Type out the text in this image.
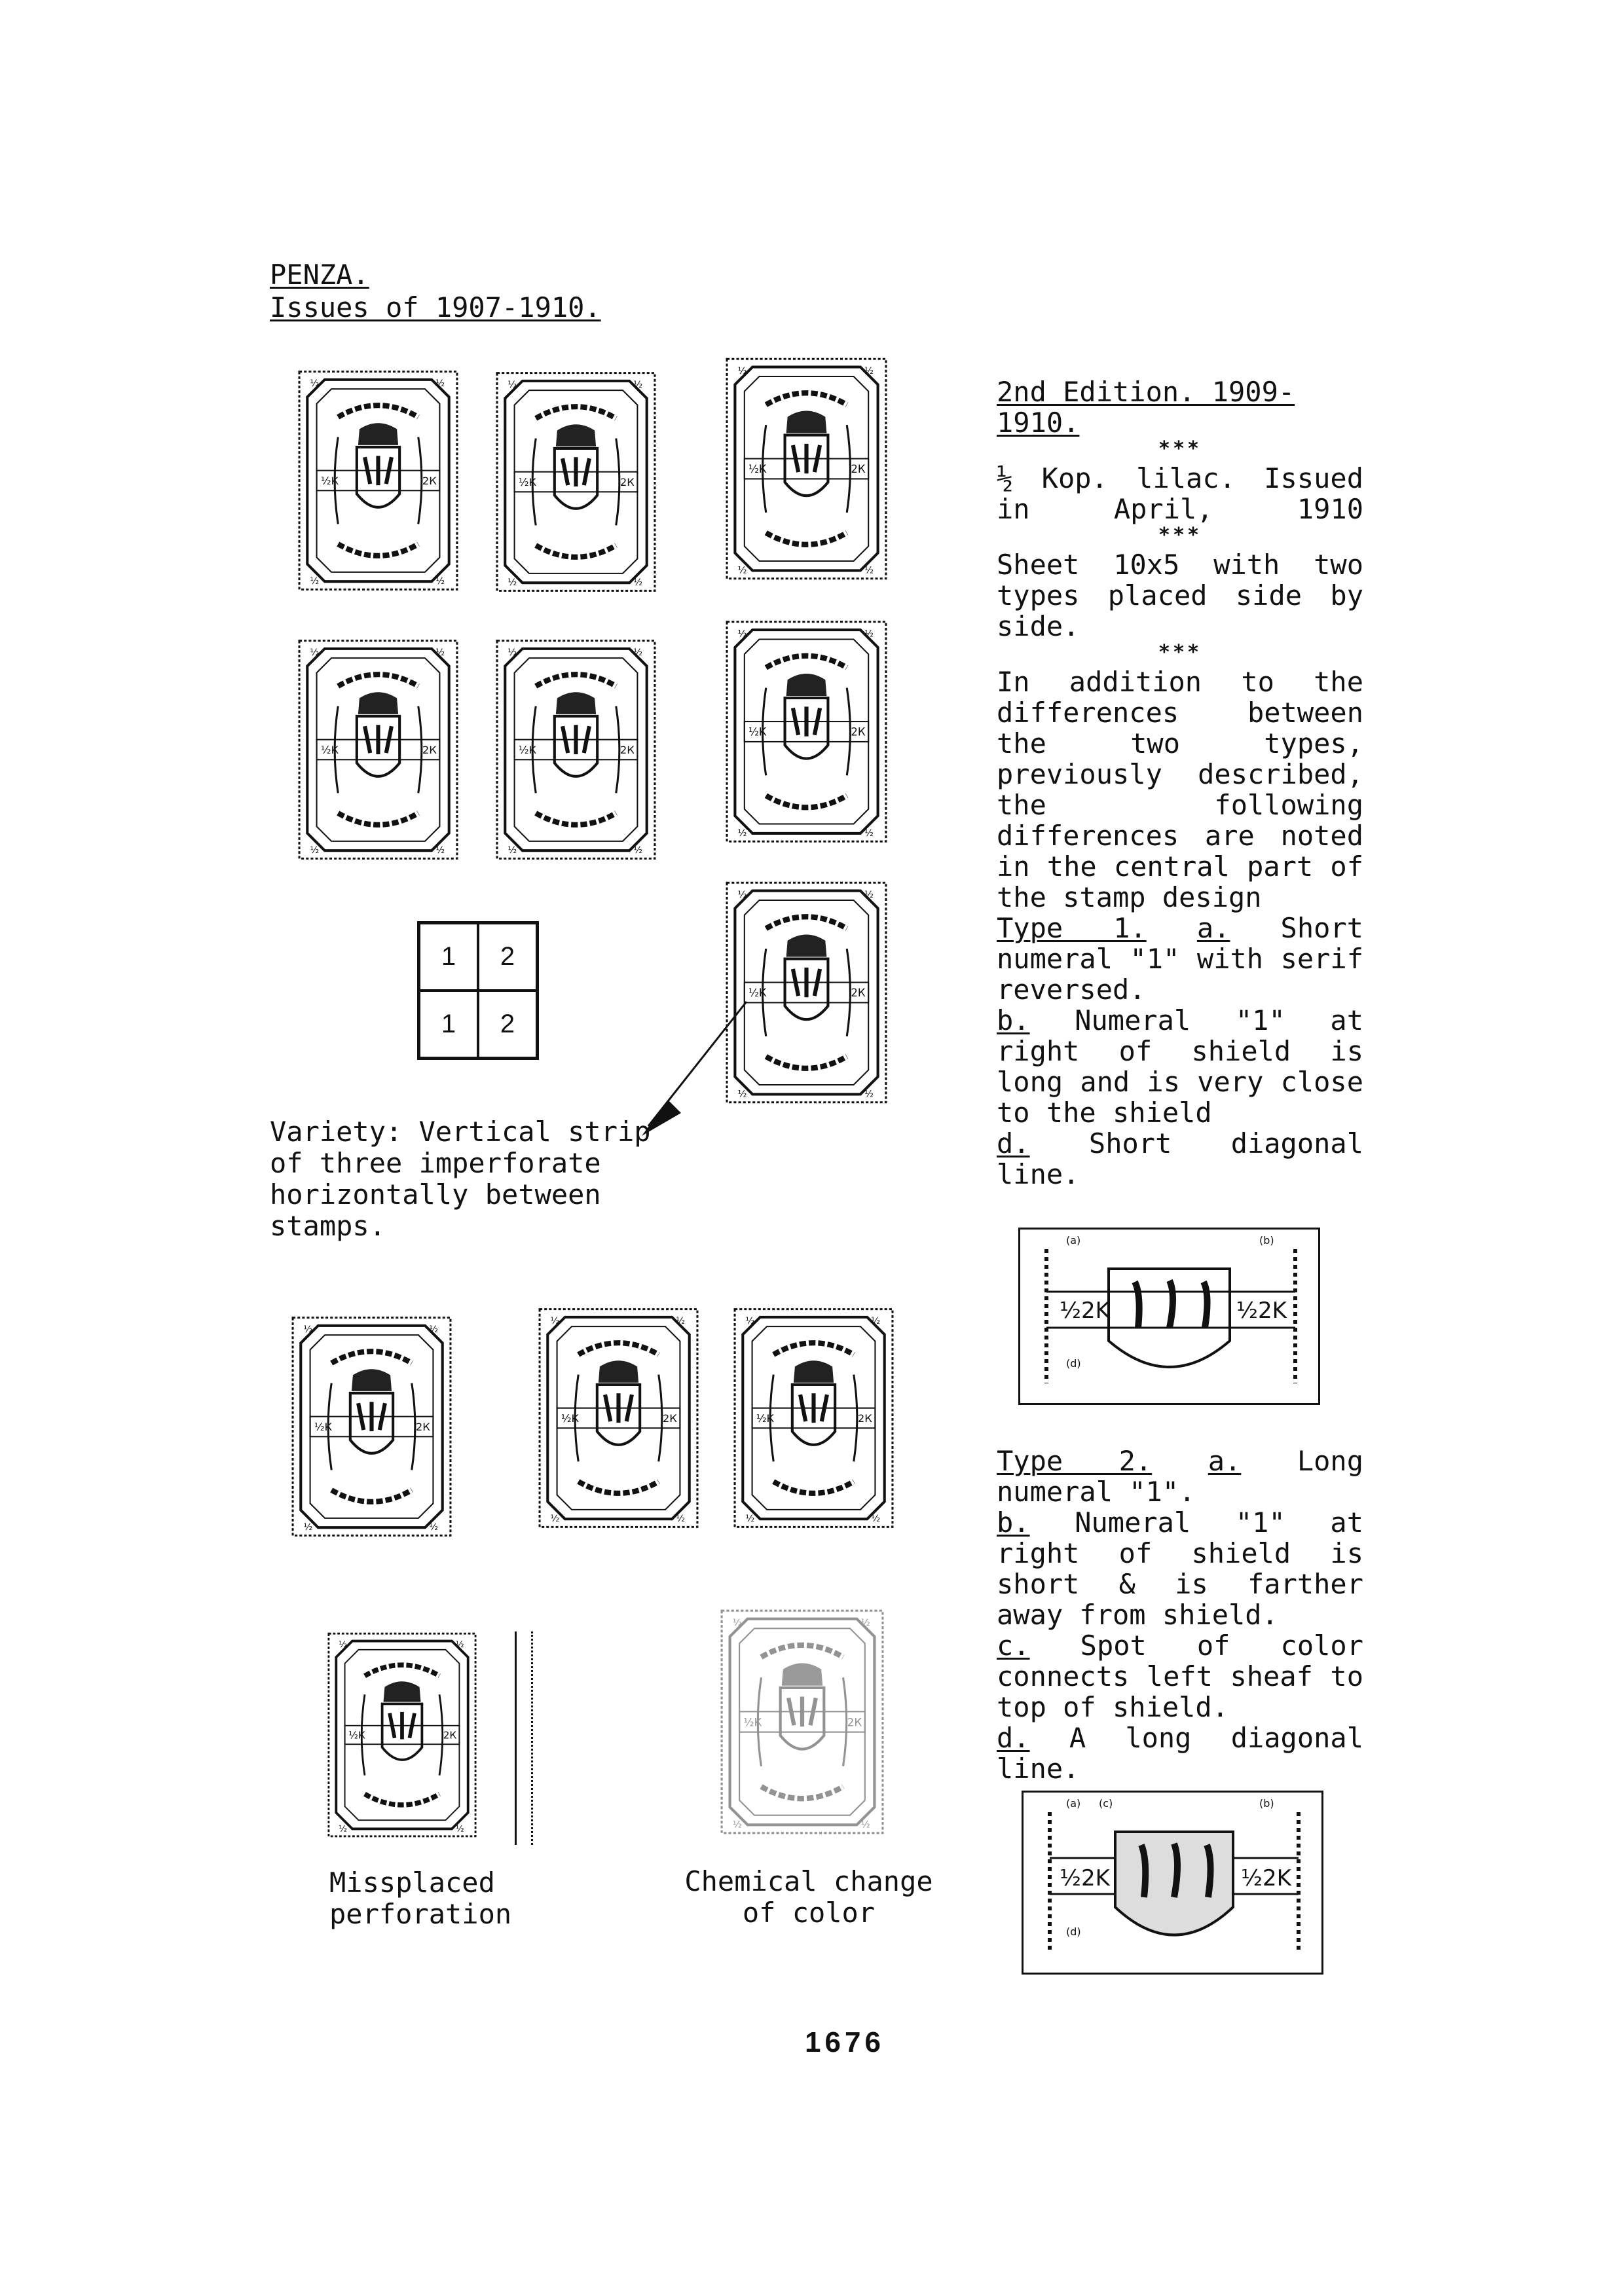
PENZA.
Issues of 1907-1910.
1	2
1	2
Variety: Vertical strip of three imperforate horizontally between stamps.
Missplaced perforation
Chemical change of color

2nd Edition. 1909-1910.

***

½ Kop. lilac. Issued in April, 1910

***

Sheet 10x5 with two types placed side by side.

***

In addition to the differences between the two types, previously described, the following differences are noted in the central part of the stamp design

Type 1. a. Short numeral "1" with serif reversed.

b. Numeral "1" at right of shield is long and is very close to the shield

d. Short diagonal line.

½2K	½2K
(a)	(b)
(d)

Type 2. a. Long numeral "1".

b. Numeral "1" at right of shield is short & is farther away from shield.

c. Spot of color connects left sheaf to top of shield.

d. A long diagonal line.

½2K	½2K
(a) (c)	(b)
(d)
1676
